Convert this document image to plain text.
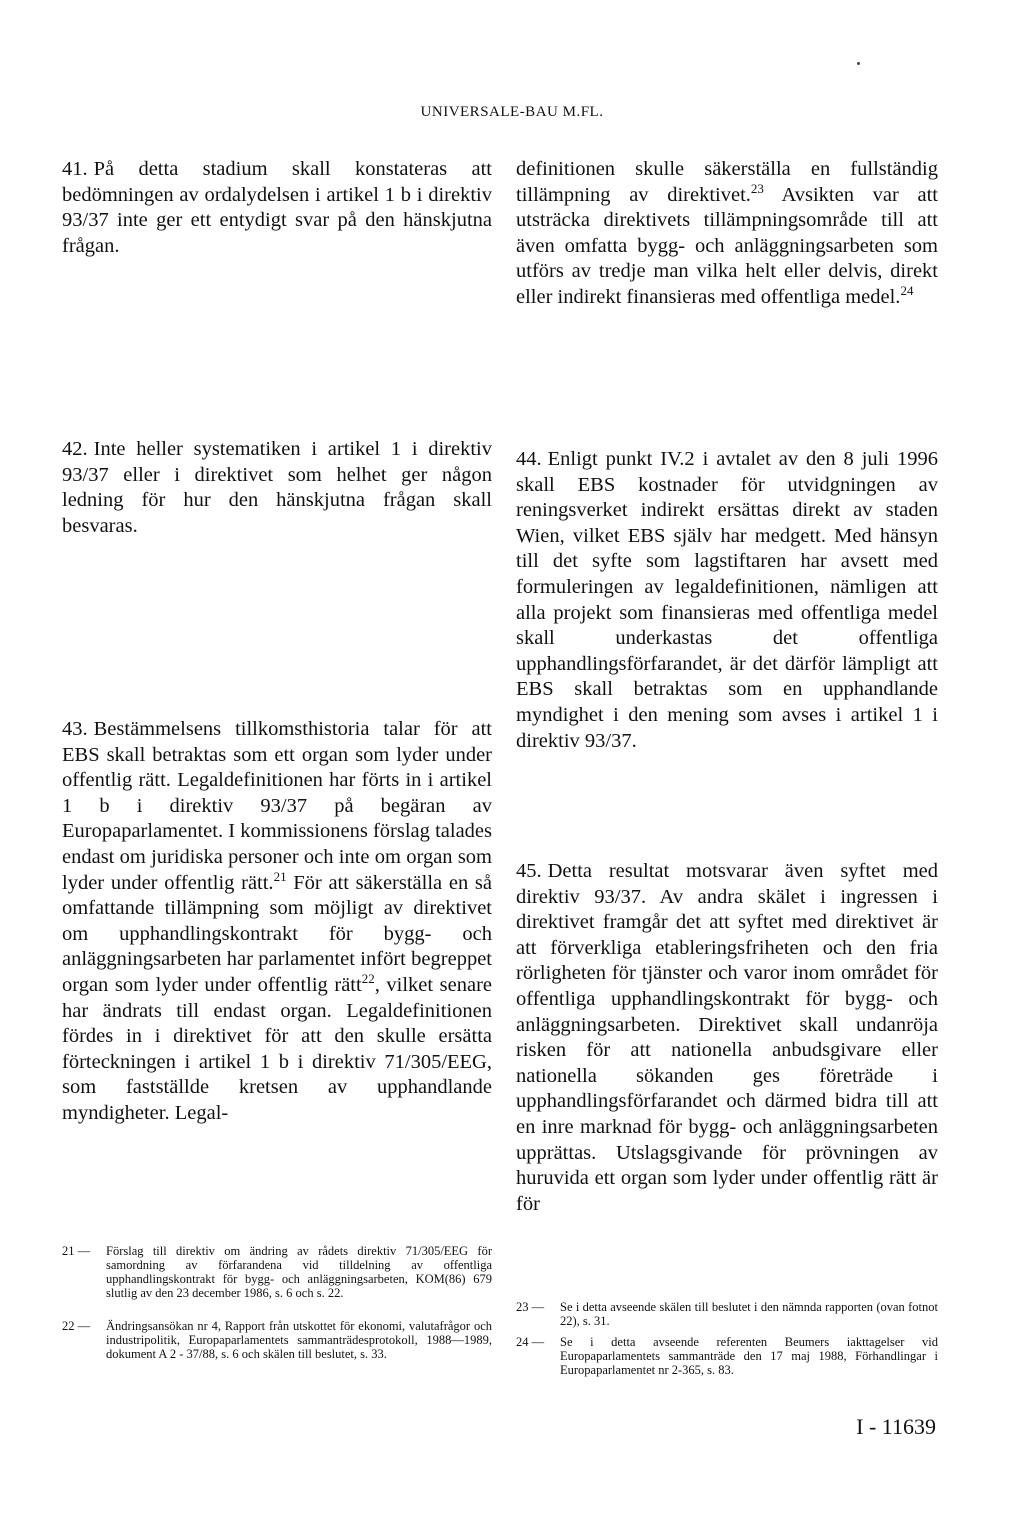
UNIVERSALE-BAU M.FL.

41. På detta stadium skall konstateras att bedömningen av ordalydelsen i artikel 1 b i direktiv 93/37 inte ger ett entydigt svar på den hänskjutna frågan.

42. Inte heller systematiken i artikel 1 i direktiv 93/37 eller i direktivet som helhet ger någon ledning för hur den hänskjutna frågan skall besvaras.

43. Bestämmelsens tillkomsthistoria talar för att EBS skall betraktas som ett organ som lyder under offentlig rätt. Legaldefinitionen har förts in i artikel 1 b i direktiv 93/37 på begäran av Europaparlamentet. I kommissionens förslag talades endast om juridiska personer och inte om organ som lyder under offentlig rätt.$^{21}$ För att säkerställa en så omfattande tillämpning som möjligt av direktivet om upphandlingskontrakt för bygg- och anläggningsarbeten har parlamentet infört begreppet organ som lyder under offentlig rätt$^{22}$, vilket senare har ändrats till endast organ. Legaldefinitionen fördes in i direktivet för att den skulle ersätta förteckningen i artikel 1 b i direktiv 71/305/EEG, som fastställde kretsen av upphandlande myndigheter. Legal-

21 —	Förslag till direktiv om ändring av rådets direktiv 71/305/EEG för samordning av förfarandena vid tilldelning av offentliga upphandlingskontrakt för bygg- och anläggningsarbeten, KOM(86) 679 slutlig av den 23 december 1986, s. 6 och s. 22.
22 —	Ändringsansökan nr 4, Rapport från utskottet för ekonomi, valutafrågor och industripolitik, Europaparlamentets sammanträdesprotokoll, 1988—1989, dokument A 2 - 37/88, s. 6 och skälen till beslutet, s. 33.

definitionen skulle säkerställa en fullständig tillämpning av direktivet.$^{23}$ Avsikten var att utsträcka direktivets tillämpningsområde till att även omfatta bygg- och anläggningsarbeten som utförs av tredje man vilka helt eller delvis, direkt eller indirekt finansieras med offentliga medel.$^{24}$

44. Enligt punkt IV.2 i avtalet av den 8 juli 1996 skall EBS kostnader för utvidgningen av reningsverket indirekt ersättas direkt av staden Wien, vilket EBS själv har medgett. Med hänsyn till det syfte som lagstiftaren har avsett med formuleringen av legaldefinitionen, nämligen att alla projekt som finansieras med offentliga medel skall underkastas det offentliga upphandlingsförfarandet, är det därför lämpligt att EBS skall betraktas som en upphandlande myndighet i den mening som avses i artikel 1 i direktiv 93/37.

45. Detta resultat motsvarar även syftet med direktiv 93/37. Av andra skälet i ingressen i direktivet framgår det att syftet med direktivet är att förverkliga etableringsfriheten och den fria rörligheten för tjänster och varor inom området för offentliga upphandlingskontrakt för bygg- och anläggningsarbeten. Direktivet skall undanröja risken för att nationella anbudsgivare eller nationella sökanden ges företräde i upphandlingsförfarandet och därmed bidra till att en inre marknad för bygg- och anläggningsarbeten upprättas. Utslagsgivande för prövningen av huruvida ett organ som lyder under offentlig rätt är för

23 —	Se i detta avseende skälen till beslutet i den nämnda rapporten (ovan fotnot 22), s. 31.
24 —	Se i detta avseende referenten Beumers iakttagelser vid Europaparlamentets sammanträde den 17 maj 1988, Förhandlingar i Europaparlamentet nr 2-365, s. 83.
I - 11639
